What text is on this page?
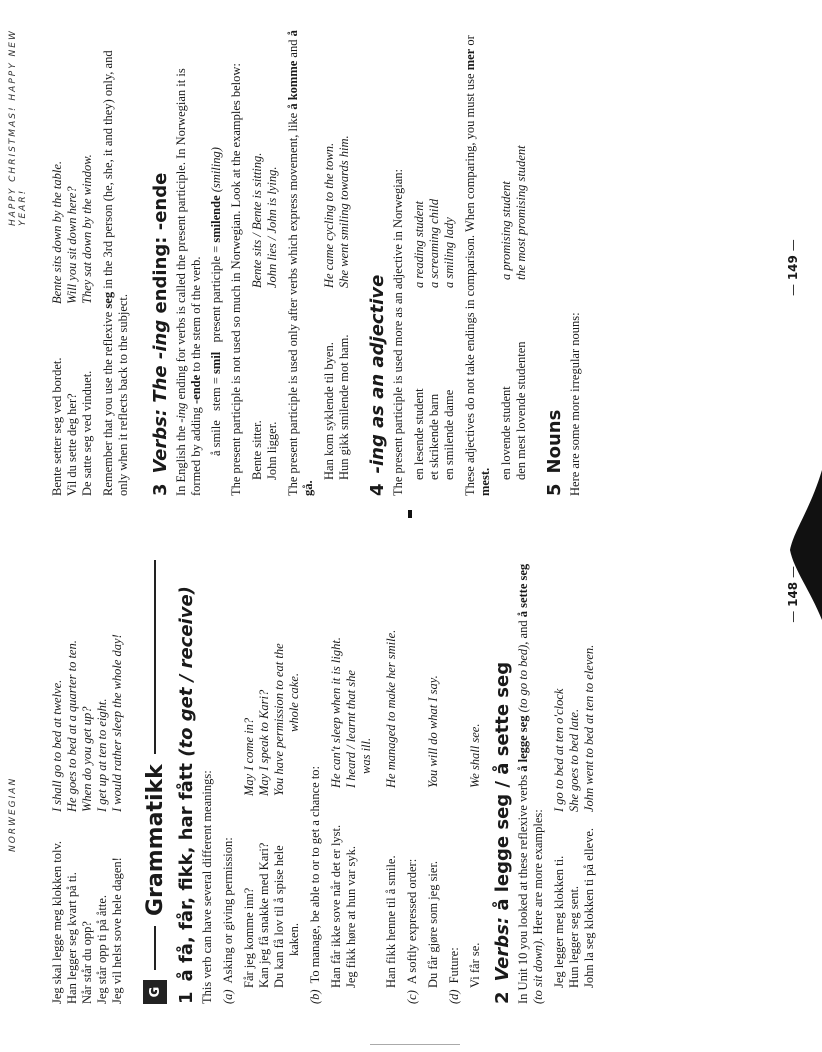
NORWEGIAN
Jeg skal legge meg klokken tolv.
I shall go to bed at twelve.
Han legger seg kvart på ti.
He goes to bed at a quarter to ten.
Når står du opp?
When do you get up?
Jeg står opp ti på åtte.
I get up at ten to eight.
Jeg vil helst sove hele dagen!
I would rather sleep the whole day!
G
Grammatikk
1å få, får, fikk, har fått (to get / receive)

This verb can have several different meanings: (a)Asking or giving permission: Får jeg komme inn?
May I come in?
Kan jeg få snakke med Kari?
May I speak to Kari?
Du kan få lov til å spise hele
You have permission to eat the
kaken.
whole cake.
(b)To manage, be able to or to get a chance to: Han får ikke sove når det er lyst.
He can't sleep when it is light.
Jeg fikk høre at hun var syk.
I heard / learnt that she was ill.
Han fikk henne til å smile.
He managed to make her smile.
(c)A softly expressed order: Du får gjøre som jeg sier.
You will do what I say.
(d)Future: Vi får se.
We shall see.
2Verbs: å legge seg / å sette seg In Unit 10 you looked at these reflexive verbs å legge seg (to go to bed), and å sette seg (to sit down). Here are more examples: Jeg legger meg klokken ti.
I go to bed at ten o'clock
Hun legger seg sent.
She goes to bed late.
John la seg klokken ti på elleve.
John went to bed at ten to eleven.
— 148 —
HAPPY CHRISTMAS! HAPPY NEW YEAR!
Bente setter seg ved bordet.
Bente sits down by the table.
Vil du sette deg her?
Will you sit down here?
De satte seg ved vinduet.
They sat down by the window.

Remember that you use the reflexive seg in the 3rd person (he, she, it and they) only, and only when it reflects back to the subject. 3Verbs: The -ing ending: -ende

In English the -ing ending for verbs is called the present participle. In Norwegian it is formed by adding -ende to the stem of the verb.

å smile   stem = smil   present participle = smilende (smiling) The present participle is not used so much in Norwegian. Look at the examples below: Bente sitter.
Bente sits / Bente is sitting.
John ligger.
John lies / John is lying. The present participle is used only after verbs which express movement, like å komme and å gå.

Han kom syklende til byen.
He came cycling to the town.
Hun gikk smilende mot ham.
She went smiling towards him.
4-ing as an adjective The present participle is used more as an adjective in Norwegian: en lesende student
a reading student
et skrikende barn
a screaming child
en smilende dame
a smiling lady These adjectives do not take endings in comparison. When comparing, you must use mer or mest.

en lovende student
a promising student
den mest lovende studenten
the most promising student
5Nouns Here are some more irregular nouns:

— 149 —
